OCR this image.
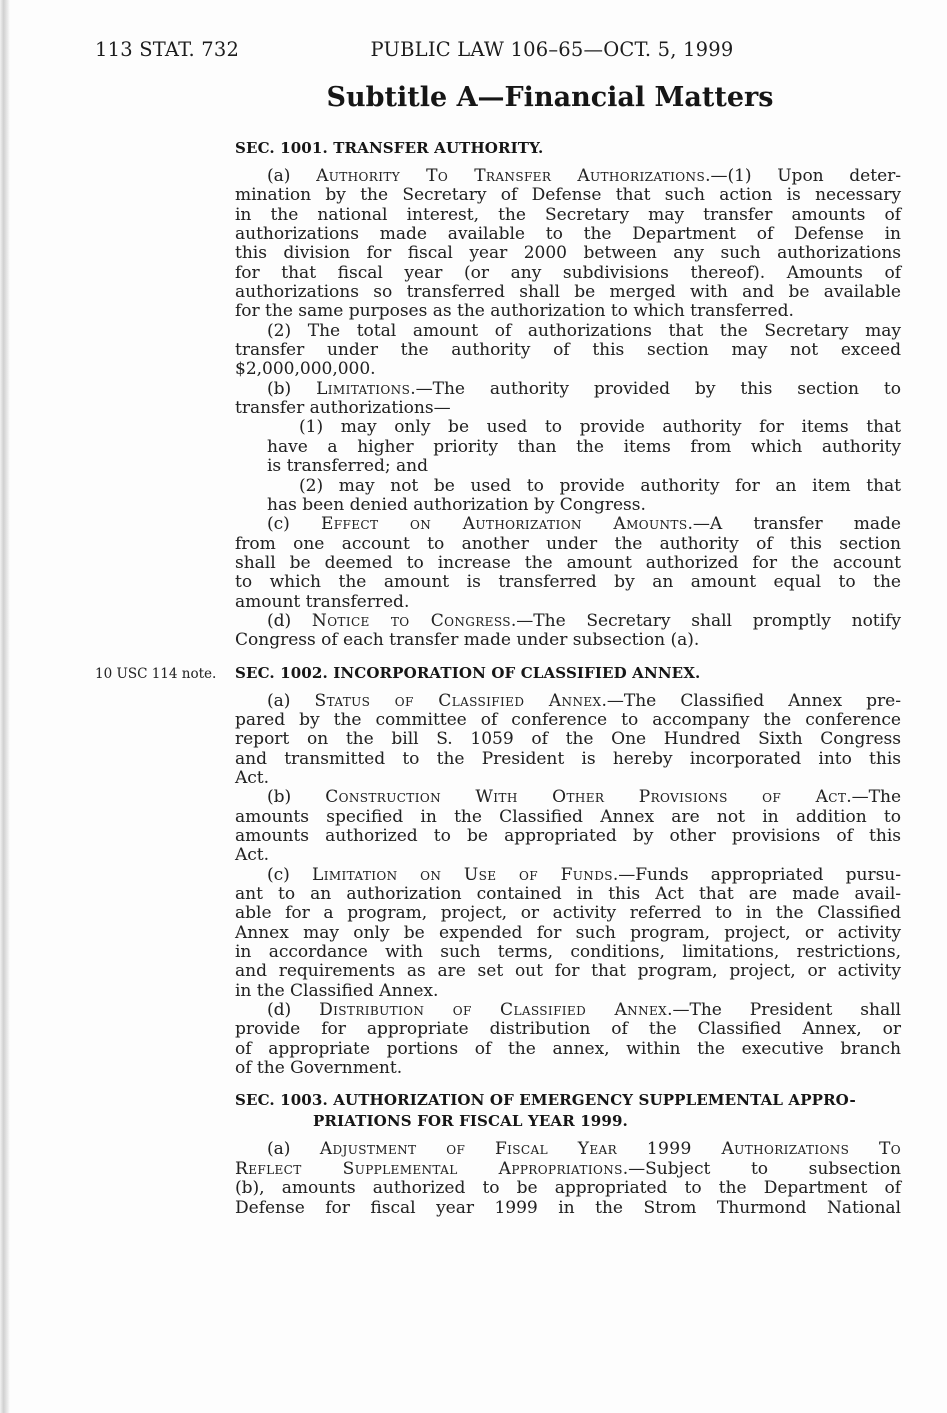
113 STAT. 732	PUBLIC LAW 106–65—OCT. 5, 1999
Subtitle A—Financial Matters
SEC. 1001. TRANSFER AUTHORITY.
(a) Authority To Transfer Authorizations.—(1) Upon deter-
mination by the Secretary of Defense that such action is necessary
in the national interest, the Secretary may transfer amounts of
authorizations made available to the Department of Defense in
this division for fiscal year 2000 between any such authorizations
for that fiscal year (or any subdivisions thereof). Amounts of
authorizations so transferred shall be merged with and be available
for the same purposes as the authorization to which transferred.
(2) The total amount of authorizations that the Secretary may
transfer under the authority of this section may not exceed
$2,000,000,000.
(b) Limitations.—The authority provided by this section to
transfer authorizations—
(1) may only be used to provide authority for items that
have a higher priority than the items from which authority
is transferred; and
(2) may not be used to provide authority for an item that
has been denied authorization by Congress.
(c) Effect on Authorization Amounts.—A transfer made
from one account to another under the authority of this section
shall be deemed to increase the amount authorized for the account
to which the amount is transferred by an amount equal to the
amount transferred.
(d) Notice to Congress.—The Secretary shall promptly notify
Congress of each transfer made under subsection (a).
10 USC 114 note.	SEC. 1002. INCORPORATION OF CLASSIFIED ANNEX.
(a) Status of Classified Annex.—The Classified Annex pre-
pared by the committee of conference to accompany the conference
report on the bill S. 1059 of the One Hundred Sixth Congress
and transmitted to the President is hereby incorporated into this
Act.
(b) Construction With Other Provisions of Act.—The
amounts specified in the Classified Annex are not in addition to
amounts authorized to be appropriated by other provisions of this
Act.
(c) Limitation on Use of Funds.—Funds appropriated pursu-
ant to an authorization contained in this Act that are made avail-
able for a program, project, or activity referred to in the Classified
Annex may only be expended for such program, project, or activity
in accordance with such terms, conditions, limitations, restrictions,
and requirements as are set out for that program, project, or activity
in the Classified Annex.
(d) Distribution of Classified Annex.—The President shall
provide for appropriate distribution of the Classified Annex, or
of appropriate portions of the annex, within the executive branch
of the Government.
SEC. 1003. AUTHORIZATION OF EMERGENCY SUPPLEMENTAL APPRO-
PRIATIONS FOR FISCAL YEAR 1999.
(a) Adjustment of Fiscal Year 1999 Authorizations To
Reflect Supplemental Appropriations.—Subject to subsection
(b), amounts authorized to be appropriated to the Department of
Defense for fiscal year 1999 in the Strom Thurmond National
